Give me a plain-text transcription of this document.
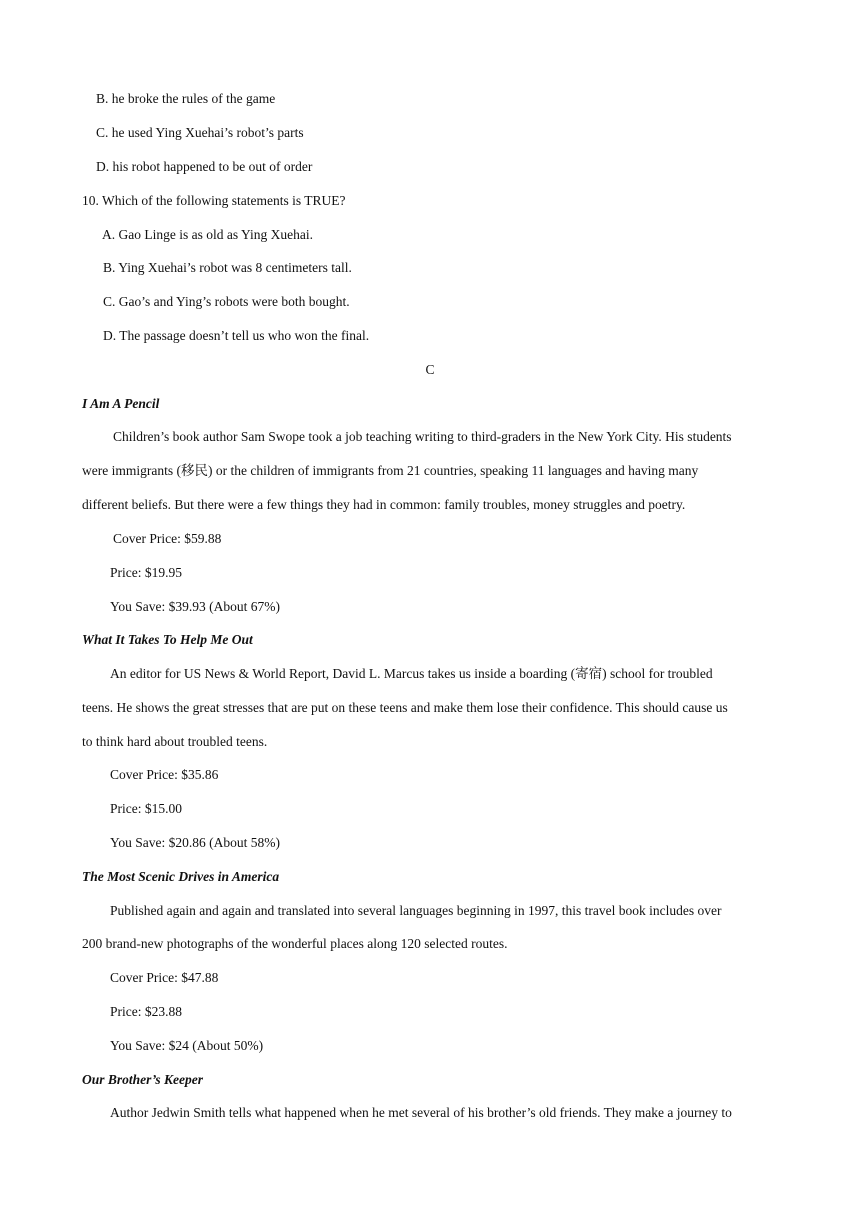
B. he broke the rules of the game
C. he used Ying Xuehai’s robot’s parts
D. his robot happened to be out of order
10. Which of the following statements is TRUE?
A. Gao Linge is as old as Ying Xuehai.
B. Ying Xuehai’s robot was 8 centimeters tall.
C. Gao’s and Ying’s robots were both bought.
D. The passage doesn’t tell us who won the final.
C
I Am A Pencil
Children’s book author Sam Swope took a job teaching writing to third-graders in the New York City. His students
were immigrants (移民) or the children of immigrants from 21 countries, speaking 11 languages and having many
different beliefs. But there were a few things they had in common: family troubles, money struggles and poetry.
Cover Price: $59.88
Price: $19.95
You Save: $39.93 (About 67%)
What It Takes To Help Me Out
An editor for US News & World Report, David L. Marcus takes us inside a boarding (寄宿) school for troubled
teens. He shows the great stresses that are put on these teens and make them lose their confidence. This should cause us
to think hard about troubled teens.
Cover Price: $35.86
Price: $15.00
You Save: $20.86 (About 58%)
The Most Scenic Drives in America
Published again and again and translated into several languages beginning in 1997, this travel book includes over
200 brand-new photographs of the wonderful places along 120 selected routes.
Cover Price: $47.88
Price: $23.88
You Save: $24 (About 50%)
Our Brother’s Keeper
Author Jedwin Smith tells what happened when he met several of his brother’s old friends. They make a journey to
